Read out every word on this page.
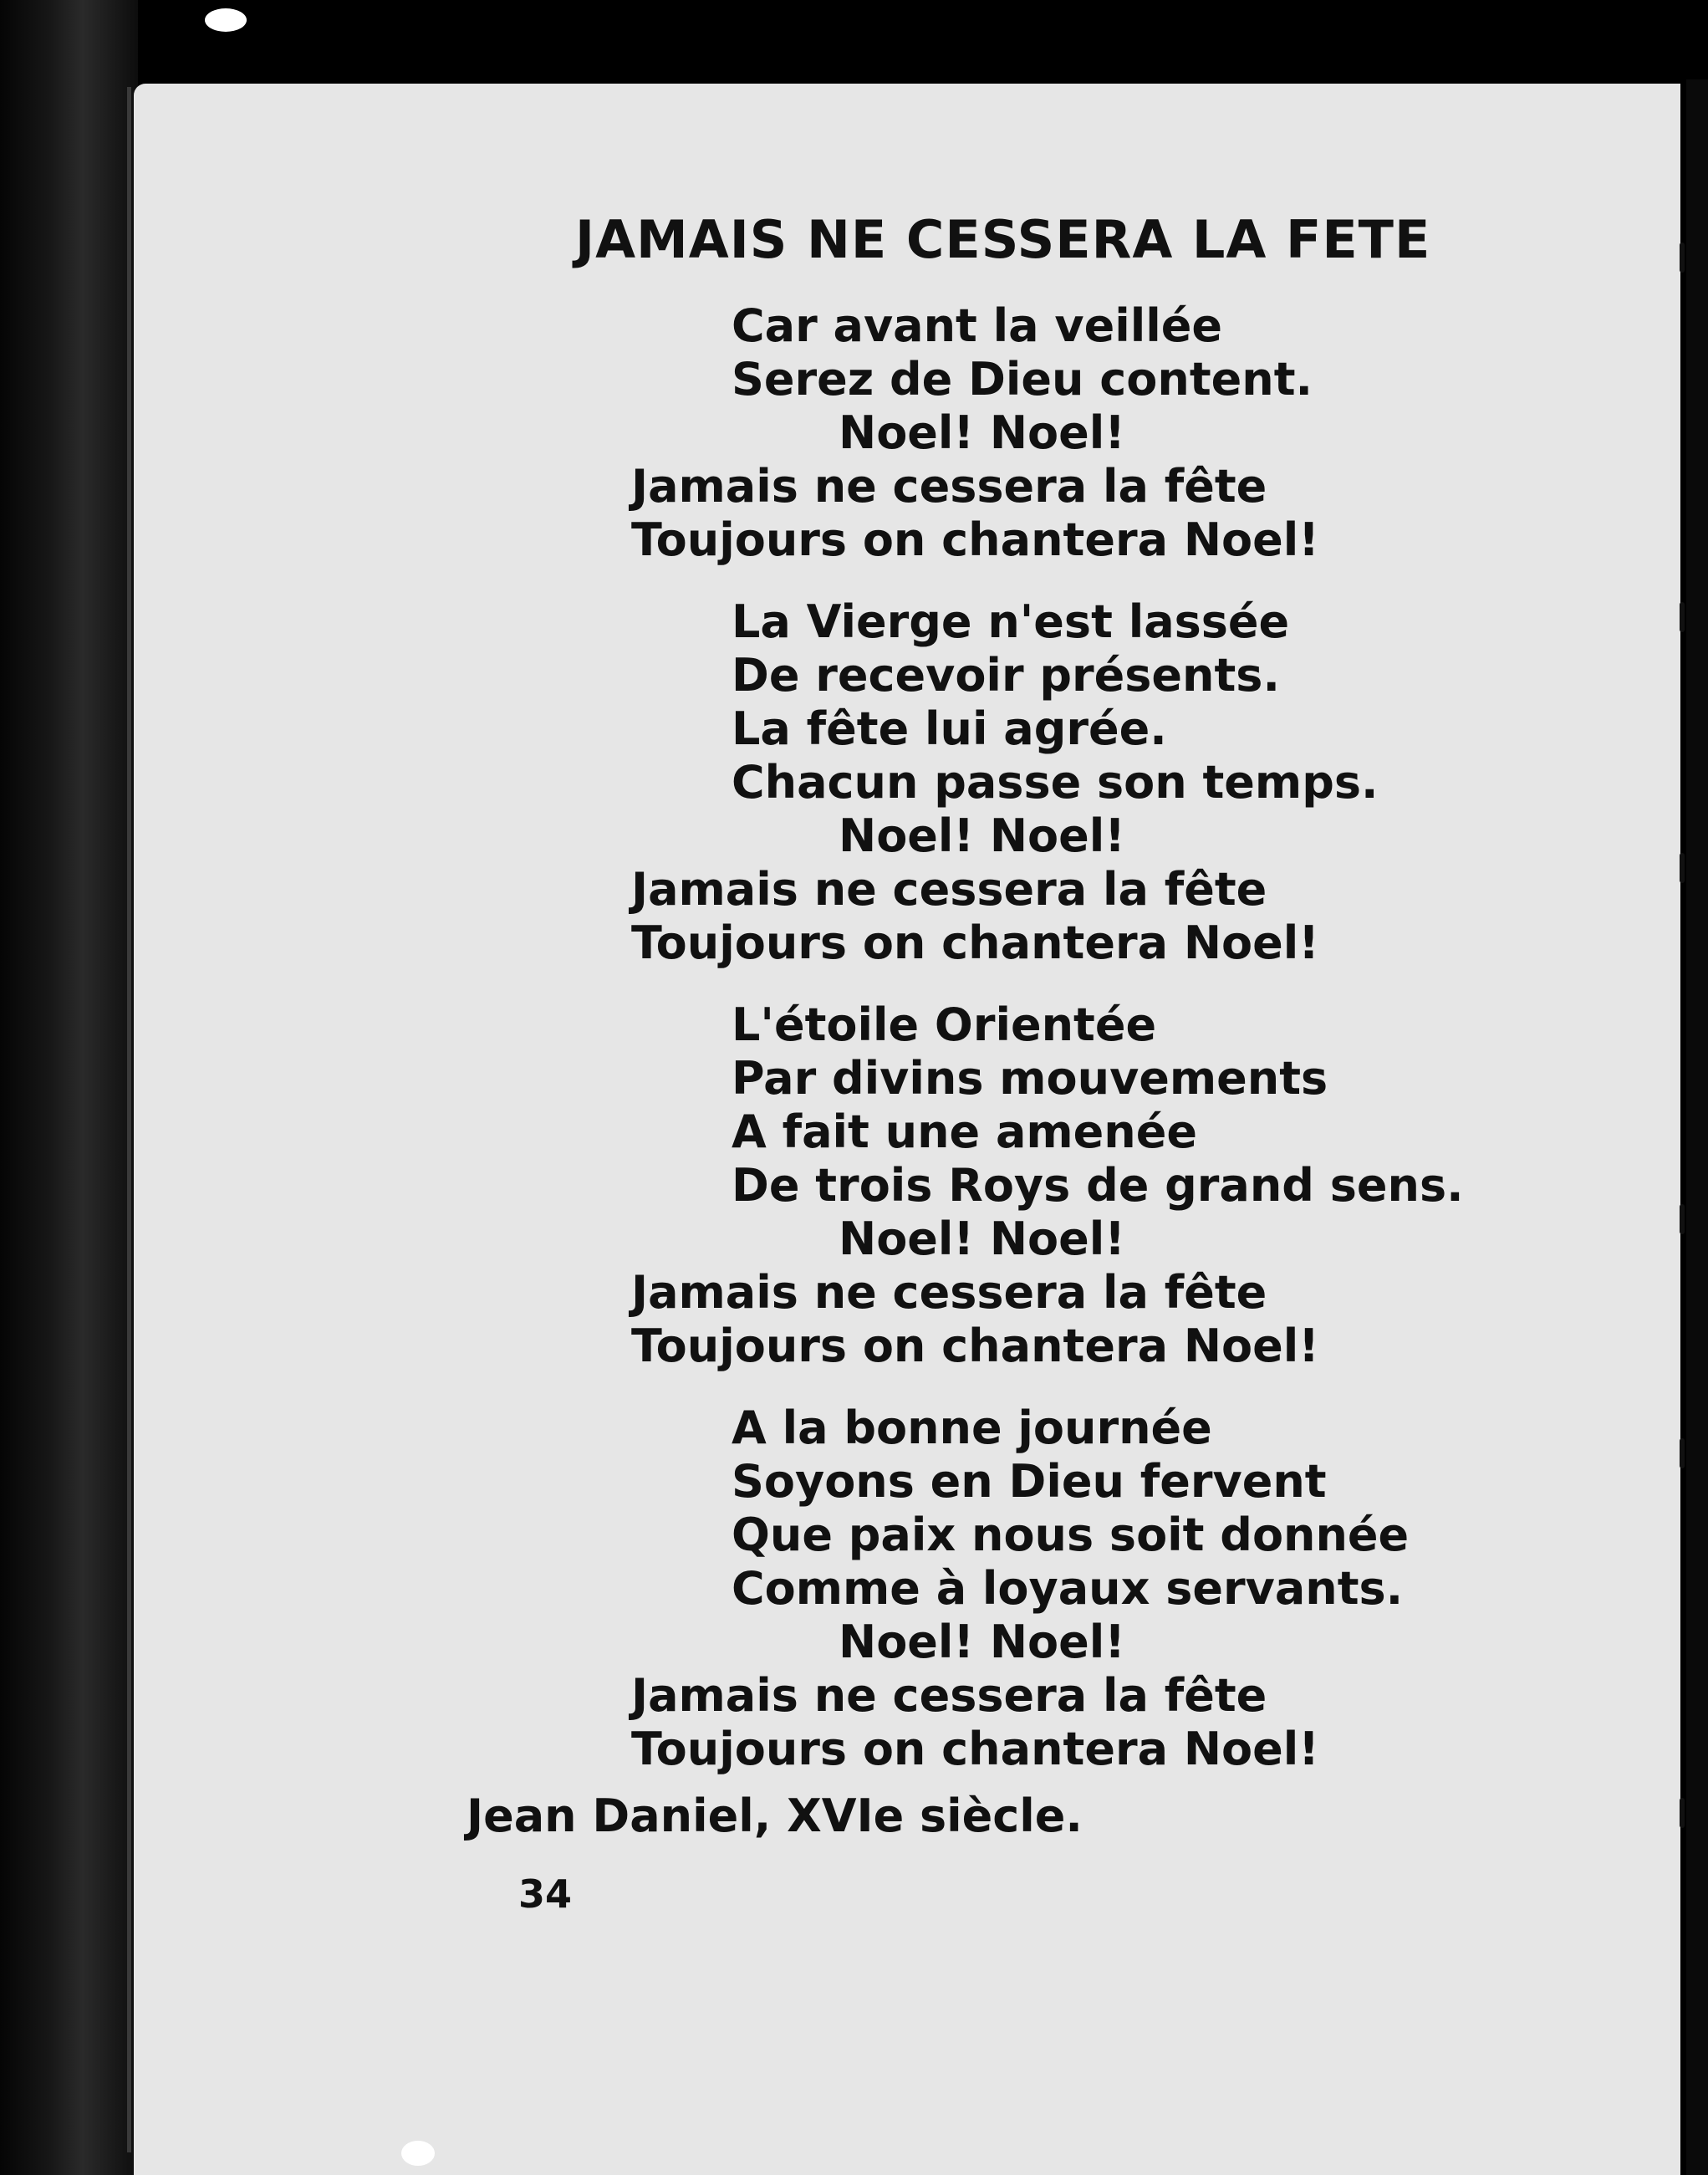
JAMAIS NE CESSERA LA FETE
Car avant la veillée
Serez de Dieu content.
Noel! Noel!
Jamais ne cessera la fête
Toujours on chantera Noel!
La Vierge n'est lassée
De recevoir présents.
La fête lui agrée.
Chacun passe son temps.
Noel! Noel!
Jamais ne cessera la fête
Toujours on chantera Noel!
L'étoile Orientée
Par divins mouvements
A fait une amenée
De trois Roys de grand sens.
Noel! Noel!
Jamais ne cessera la fête
Toujours on chantera Noel!
A la bonne journée
Soyons en Dieu fervent
Que paix nous soit donnée
Comme à loyaux servants.
Noel! Noel!
Jamais ne cessera la fête
Toujours on chantera Noel!
Jean Daniel, XVIe siècle.
34
